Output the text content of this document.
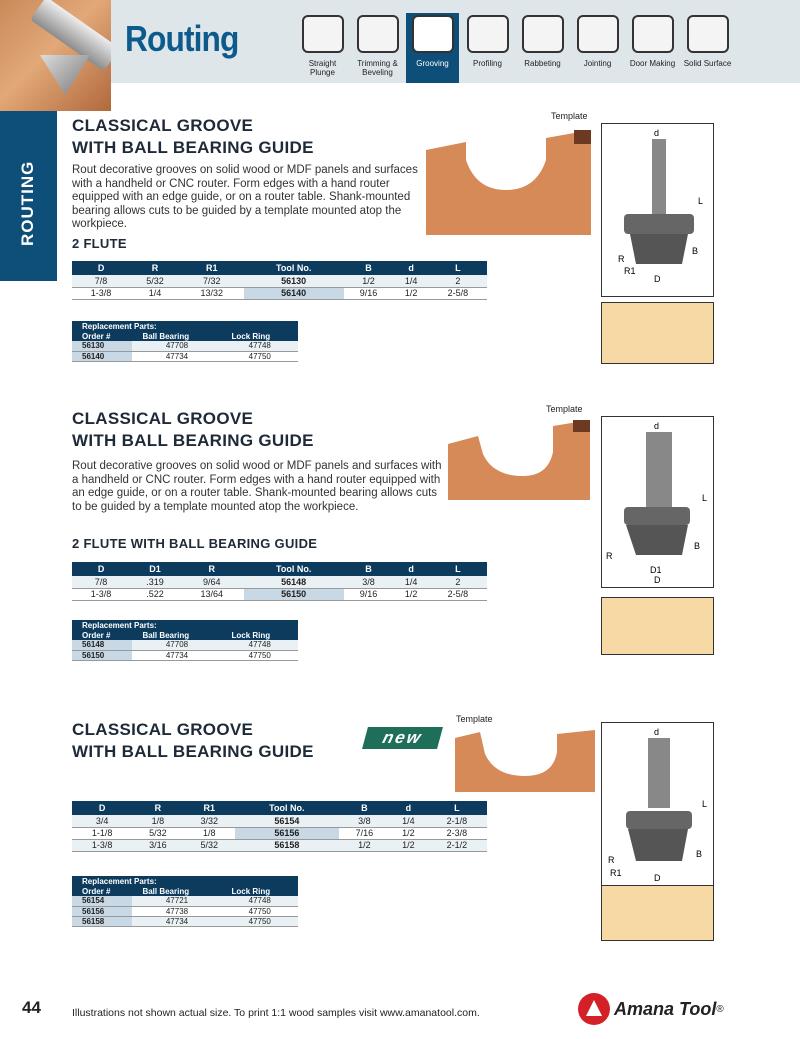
Routing
Straight Plunge
Trimming & Beveling
Grooving	Profiling	Rabbeting	Jointing	Door Making	Solid Surface
ROUTING
CLASSICAL GROOVE
WITH BALL BEARING GUIDE
Rout decorative grooves on solid wood or MDF panels and surfaces with a handheld or CNC router. Form edges with a hand router equipped with an edge guide, or on a router table. Shank-mounted bearing allows cuts to be guided by a template mounted atop the workpiece.
2 FLUTE
D	R	R1	Tool No.	B	d	L
7/8	5/32	7/32	56130	1/2	1/4	2
1-3/8	1/4	13/32	56140	9/16	1/2	2-5/8
Replacement Parts:		
Order #	Ball Bearing	Lock Ring
56130	47708	47748
56140	47734	47750
Template
d
L
B
R
R1
D
CLASSICAL GROOVE
WITH BALL BEARING GUIDE
Rout decorative grooves on solid wood or MDF panels and surfaces with a handheld or CNC router. Form edges with a hand router equipped with an edge guide, or on a router table. Shank-mounted bearing allows cuts to be guided by a template mounted atop the workpiece.
2 FLUTE WITH BALL BEARING GUIDE
D	D1	R	Tool No.	B	d	L
7/8	.319	9/64	56148	3/8	1/4	2
1-3/8	.522	13/64	56150	9/16	1/2	2-5/8
Replacement Parts:		
Order #	Ball Bearing	Lock Ring
56148	47708	47748
56150	47734	47750
Template
d
L
B
R
D1
D
CLASSICAL GROOVE
WITH BALL BEARING GUIDE
new
D	R	R1	Tool No.	B	d	L
3/4	1/8	3/32	56154	3/8	1/4	2-1/8
1-1/8	5/32	1/8	56156	7/16	1/2	2-3/8
1-3/8	3/16	5/32	56158	1/2	1/2	2-1/2
Replacement Parts:		
Order #	Ball Bearing	Lock Ring
56154	47721	47748
56156	47738	47750
56158	47734	47750
Template
d
L
B
R
R1	D
44	Illustrations not shown actual size. To print 1:1 wood samples visit www.amanatool.com.	Amana Tool ®
